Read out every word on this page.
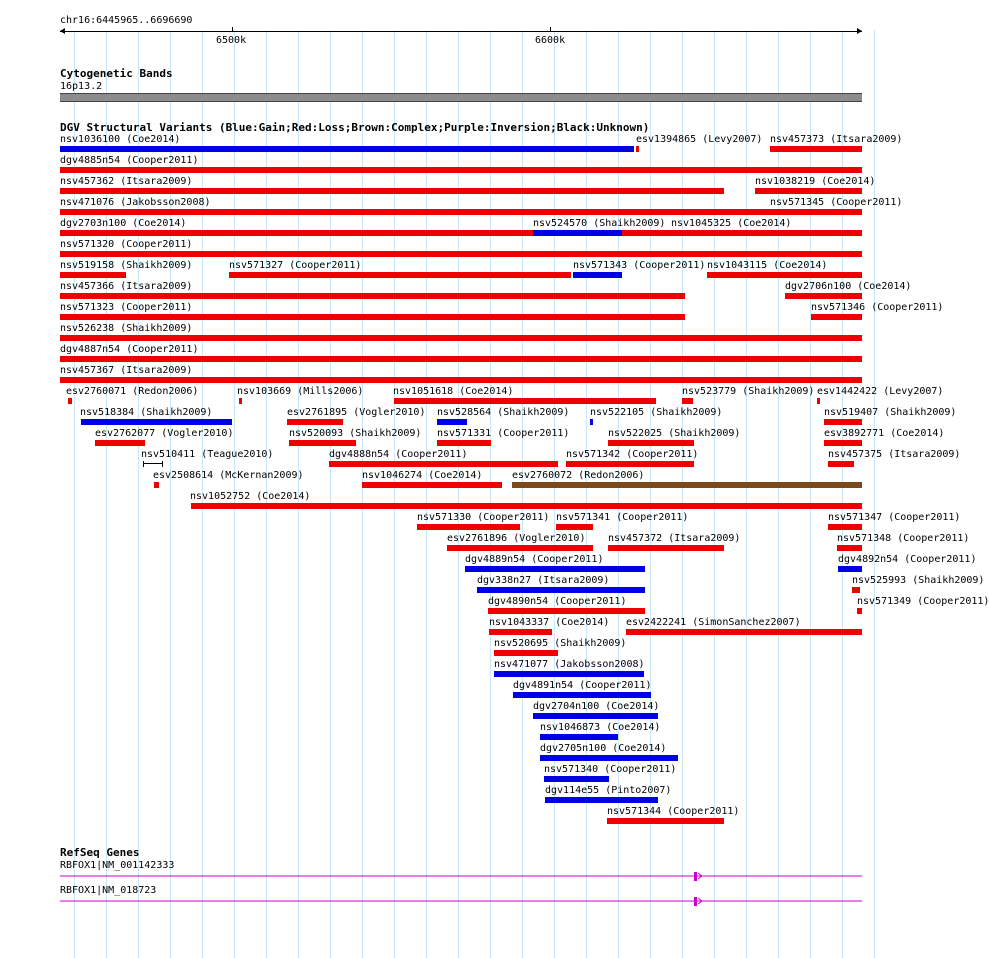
chr16:6445965..6696690
6500k	6600k
Cytogenetic Bands
16p13.2
DGV Structural Variants (Blue:Gain;Red:Loss;Brown:Complex;Purple:Inversion;Black:Unknown)
nsv1036100 (Coe2014)	esv1394865 (Levy2007) nsv457373 (Itsara2009)
dgv4885n54 (Cooper2011)
nsv457362 (Itsara2009)	nsv1038219 (Coe2014)
nsv471076 (Jakobsson2008)	nsv571345 (Cooper2011)
dgv2703n100 (Coe2014)	nsv524570 (Shaikh2009) nsv1045325 (Coe2014)
nsv571320 (Cooper2011)
nsv519158 (Shaikh2009)	nsv571327 (Cooper2011)	nsv571343 (Cooper2011) nsv1043115 (Coe2014)
nsv457366 (Itsara2009)	dgv2706n100 (Coe2014)
nsv571323 (Cooper2011)	nsv571346 (Cooper2011)
nsv526238 (Shaikh2009)
dgv4887n54 (Cooper2011)
nsv457367 (Itsara2009)
esv2760071 (Redon2006)	nsv103669 (Mills2006)	nsv1051618 (Coe2014)	nsv523779 (Shaikh2009) esv1442422 (Levy2007)
nsv518384 (Shaikh2009)	esv2761895 (Vogler2010) nsv528564 (Shaikh2009) nsv522105 (Shaikh2009)	nsv519407 (Shaikh2009)
esv2762077 (Vogler2010)	nsv520093 (Shaikh2009) nsv571331 (Cooper2011)	nsv522025 (Shaikh2009)	esv3892771 (Coe2014)
nsv510411 (Teague2010)	dgv4888n54 (Cooper2011)	nsv571342 (Cooper2011)	nsv457375 (Itsara2009)
esv2508614 (McKernan2009)	nsv1046274 (Coe2014)	esv2760072 (Redon2006)
nsv1052752 (Coe2014)
nsv571330 (Cooper2011) nsv571341 (Cooper2011)	nsv571347 (Cooper2011)
esv2761896 (Vogler2010) nsv457372 (Itsara2009)	nsv571348 (Cooper2011)
dgv4889n54 (Cooper2011)	dgv4892n54 (Cooper2011)
dgv338n27 (Itsara2009)	nsv525993 (Shaikh2009)
dgv4890n54 (Cooper2011)	nsv571349 (Cooper2011)
nsv1043337 (Coe2014) esv2422241 (SimonSanchez2007)
nsv520695 (Shaikh2009)
nsv471077 (Jakobsson2008)
dgv4891n54 (Cooper2011)
dgv2704n100 (Coe2014)
nsv1046873 (Coe2014)
dgv2705n100 (Coe2014)
nsv571340 (Cooper2011)
dgv114e55 (Pinto2007)
nsv571344 (Cooper2011)
RefSeq Genes
RBFOX1|NM_001142333
RBFOX1|NM_018723
